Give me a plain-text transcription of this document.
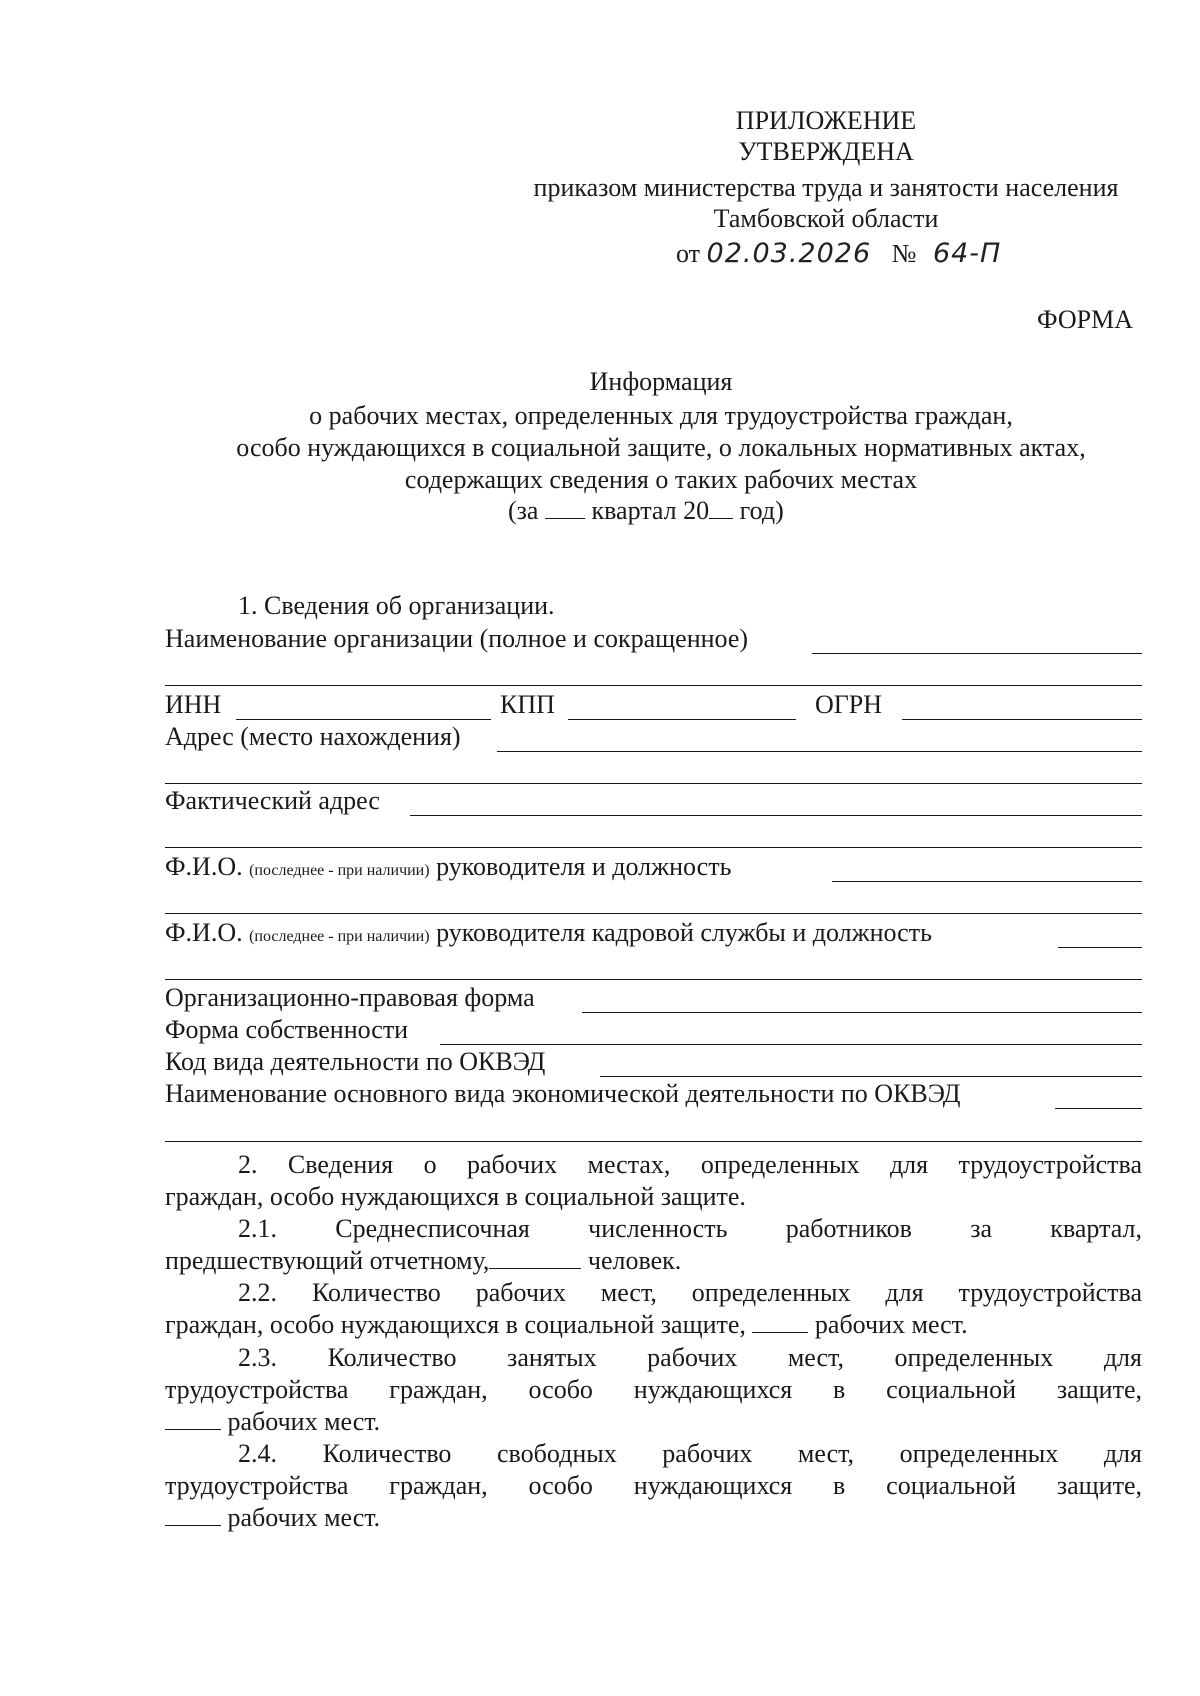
ПРИЛОЖЕНИЕ
УТВЕРЖДЕНА
приказом министерства труда и занятости населения
Тамбовской области
от 02.03.2026 № 64-П
ФОРМА
Информация
о рабочих местах, определенных для трудоустройства граждан,
особо нуждающихся в социальной защите, о локальных нормативных актах,
содержащих сведения о таких рабочих местах
(за квартал 20 год)
1. Сведения об организации.
Наименование организации (полное и сокращенное)
ИНН	КПП	ОГРН
Адрес (место нахождения)
Фактический адрес
Ф.И.О. (последнее - при наличии) руководителя и должность
Ф.И.О. (последнее - при наличии) руководителя кадровой службы и должность
Организационно-правовая форма
Форма собственности
Код вида деятельности по ОКВЭД
Наименование основного вида экономической деятельности по ОКВЭД
2. Сведения о рабочих местах, определенных для трудоустройства
граждан, особо нуждающихся в социальной защите.
2.1. Среднесписочная численность работников за квартал,
предшествующий отчетному,	человек.
2.2. Количество рабочих мест, определенных для трудоустройства
граждан, особо нуждающихся в социальной защите,	рабочих мест.
2.3. Количество занятых рабочих мест, определенных для
трудоустройства граждан, особо нуждающихся в социальной защите,
рабочих мест.
2.4. Количество свободных рабочих мест, определенных для
трудоустройства граждан, особо нуждающихся в социальной защите,
рабочих мест.
